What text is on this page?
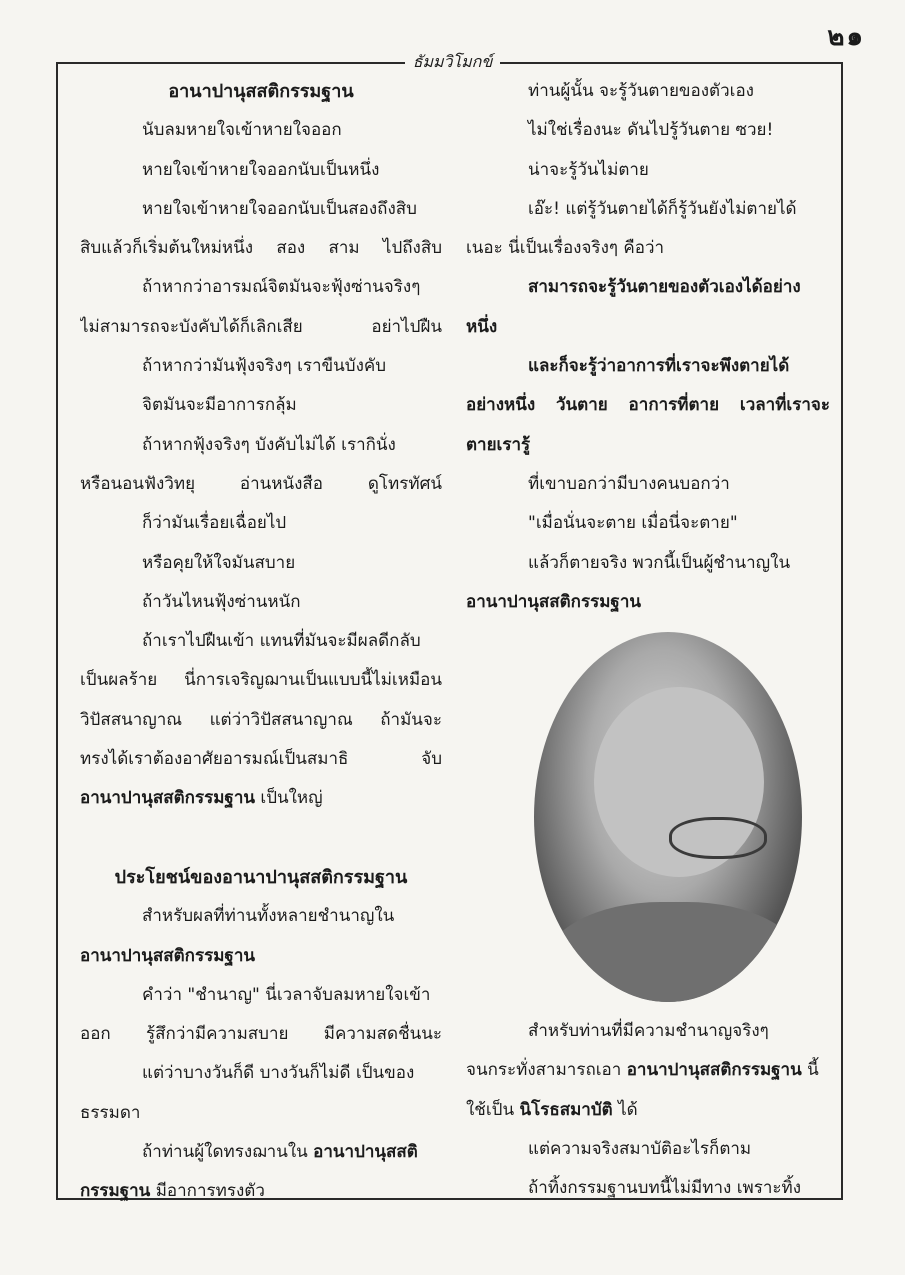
๒๑
ธัมมวิโมกข์
อานาปานุสสติกรรมฐาน
นับลมหายใจเข้าหายใจออก
หายใจเข้าหายใจออกนับเป็นหนึ่ง
หายใจเข้าหายใจออกนับเป็นสองถึงสิบ
สิบแล้วก็เริ่มต้นใหม่หนึ่ง สอง สาม ไปถึงสิบ
ถ้าหากว่าอารมณ์จิตมันจะฟุ้งซ่านจริงๆ
ไม่สามารถจะบังคับได้ก็เลิกเสีย อย่าไปฝืน
ถ้าหากว่ามันฟุ้งจริงๆ เราขืนบังคับ
จิตมันจะมีอาการกลุ้ม
ถ้าหากฟุ้งจริงๆ บังคับไม่ได้ เรากินั่ง
หรือนอนฟังวิทยุ อ่านหนังสือ ดูโทรทัศน์
ก็ว่ามันเรื่อยเฉื่อยไป
หรือคุยให้ใจมันสบาย
ถ้าวันไหนฟุ้งซ่านหนัก
ถ้าเราไปฝืนเข้า แทนที่มันจะมีผลดีกลับ
เป็นผลร้าย นี่การเจริญฌานเป็นแบบนี้ไม่เหมือน
วิปัสสนาญาณ แต่ว่าวิปัสสนาญาณ ถ้ามันจะ
ทรงได้เราต้องอาศัยอารมณ์เป็นสมาธิ จับ
อานาปานุสสติกรรมฐาน เป็นใหญ่
ประโยชน์ของอานาปานุสสติกรรมฐาน
สำหรับผลที่ท่านทั้งหลายชำนาญใน
อานาปานุสสติกรรมฐาน
คำว่า "ชำนาญ" นี่เวลาจับลมหายใจเข้า
ออก รู้สึกว่ามีความสบาย มีความสดชื่นนะ
แต่ว่าบางวันก็ดี บางวันก็ไม่ดี เป็นของ
ธรรมดา
ถ้าท่านผู้ใดทรงฌานใน อานาปานุสสติ
กรรมฐาน มีอาการทรงตัว
ท่านผู้นั้น จะรู้วันตายของตัวเอง
ไม่ใช่เรื่องนะ ดันไปรู้วันตาย ซวย!
น่าจะรู้วันไม่ตาย
เอ๊ะ! แต่รู้วันตายได้ก็รู้วันยังไม่ตายได้
เนอะ นี่เป็นเรื่องจริงๆ คือว่า
สามารถจะรู้วันตายของตัวเองได้อย่าง
หนึ่ง
และก็จะรู้ว่าอาการที่เราจะพึงตายได้
อย่างหนึ่ง วันตาย อาการที่ตาย เวลาที่เราจะ
ตายเรารู้
ที่เขาบอกว่ามีบางคนบอกว่า
"เมื่อนั่นจะตาย เมื่อนี่จะตาย"
แล้วก็ตายจริง พวกนี้เป็นผู้ชำนาญใน
อานาปานุสสติกรรมฐาน
สำหรับท่านที่มีความชำนาญจริงๆ
จนกระทั่งสามารถเอา อานาปานุสสติกรรมฐาน นี้
ใช้เป็น นิโรธสมาบัติ ได้
แต่ความจริงสมาบัติอะไรก็ตาม
ถ้าทิ้งกรรมฐานบทนี้ไม่มีทาง เพราะทิ้ง
